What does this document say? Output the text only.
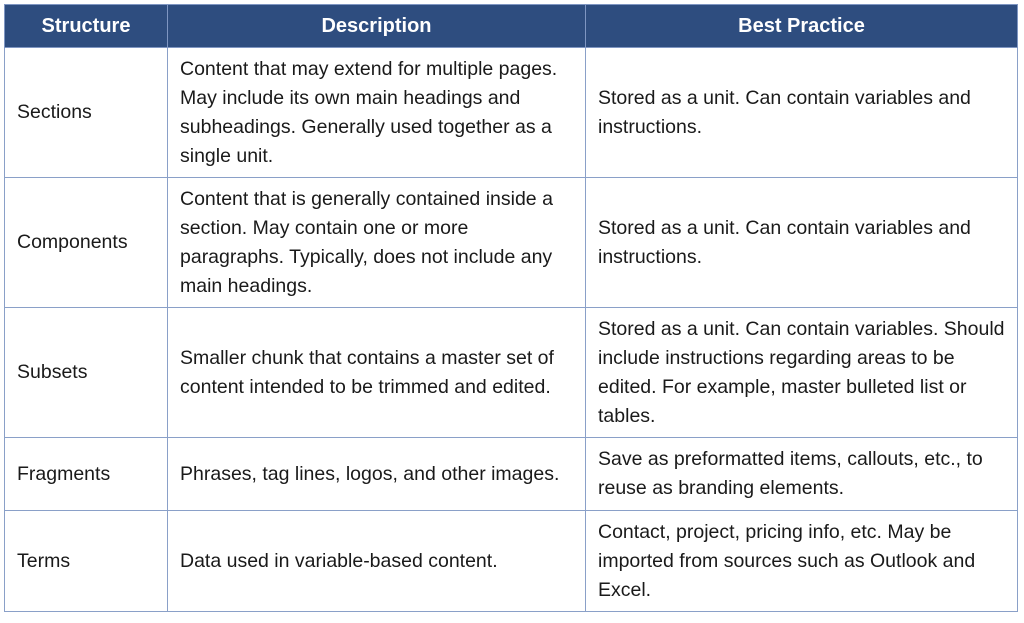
Structure	Description	Best Practice
Sections	Content that may extend for multiple pages. May include its own main headings and subheadings. Generally used together as a single unit.	Stored as a unit. Can contain variables and instructions.
Components	Content that is generally contained inside a section. May contain one or more paragraphs. Typically, does not include any main headings.	Stored as a unit. Can contain variables and instructions.
Subsets	Smaller chunk that contains a master set of content intended to be trimmed and edited.	Stored as a unit. Can contain variables. Should include instructions regarding areas to be edited. For example, master bulleted list or tables.
Fragments	Phrases, tag lines, logos, and other images.	Save as preformatted items, callouts, etc., to reuse as branding elements.
Terms	Data used in variable-based content.	Contact, project, pricing info, etc. May be imported from sources such as Outlook and Excel.
